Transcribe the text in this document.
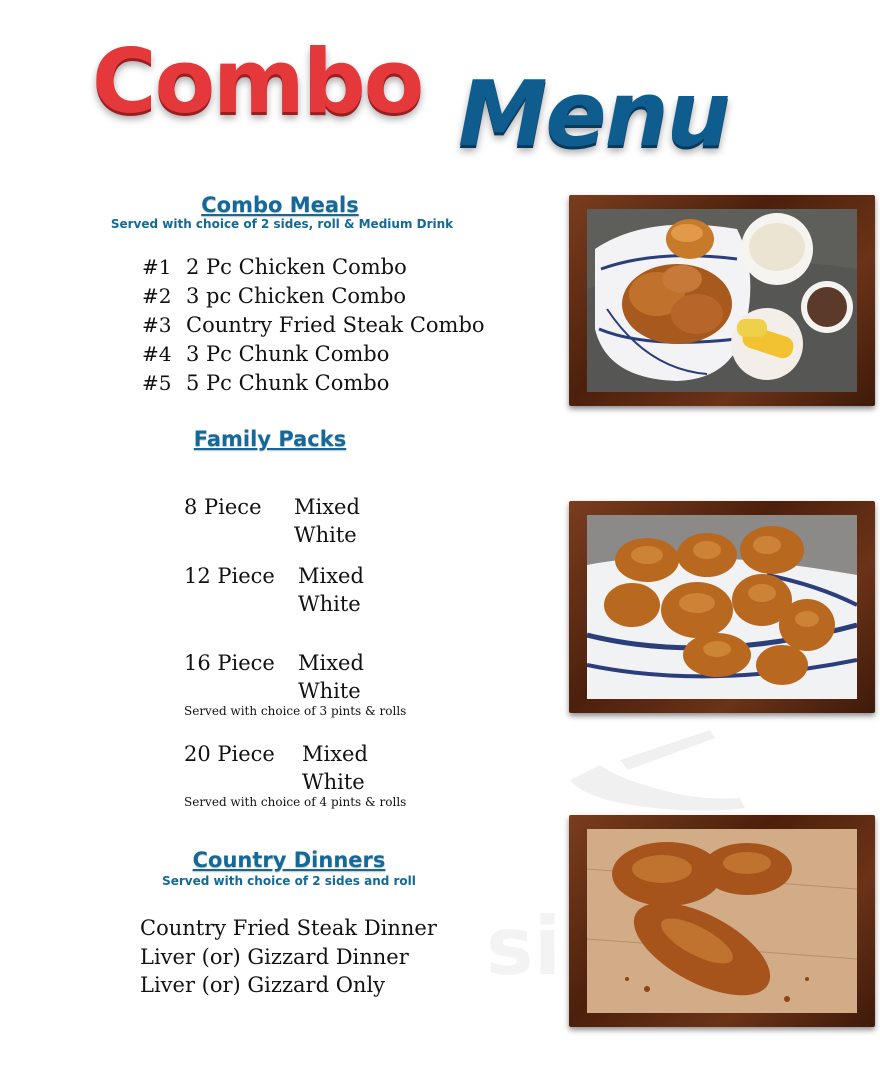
si
Combo Menu
Combo Meals
Served with choice of 2 sides, roll & Medium Drink
#1 2 Pc Chicken Combo
#2 3 pc Chicken Combo
#3 Country Fried Steak Combo
#4 3 Pc Chunk Combo
#5 5 Pc Chunk Combo
Family Packs
8 Piece Mixed
White
12 Piece Mixed
White
16 Piece Mixed
White
Served with choice of 3 pints & rolls
20 Piece Mixed
White
Served with choice of 4 pints & rolls
Country Dinners
Served with choice of 2 sides and roll
Country Fried Steak Dinner
Liver (or) Gizzard Dinner
Liver (or) Gizzard Only
